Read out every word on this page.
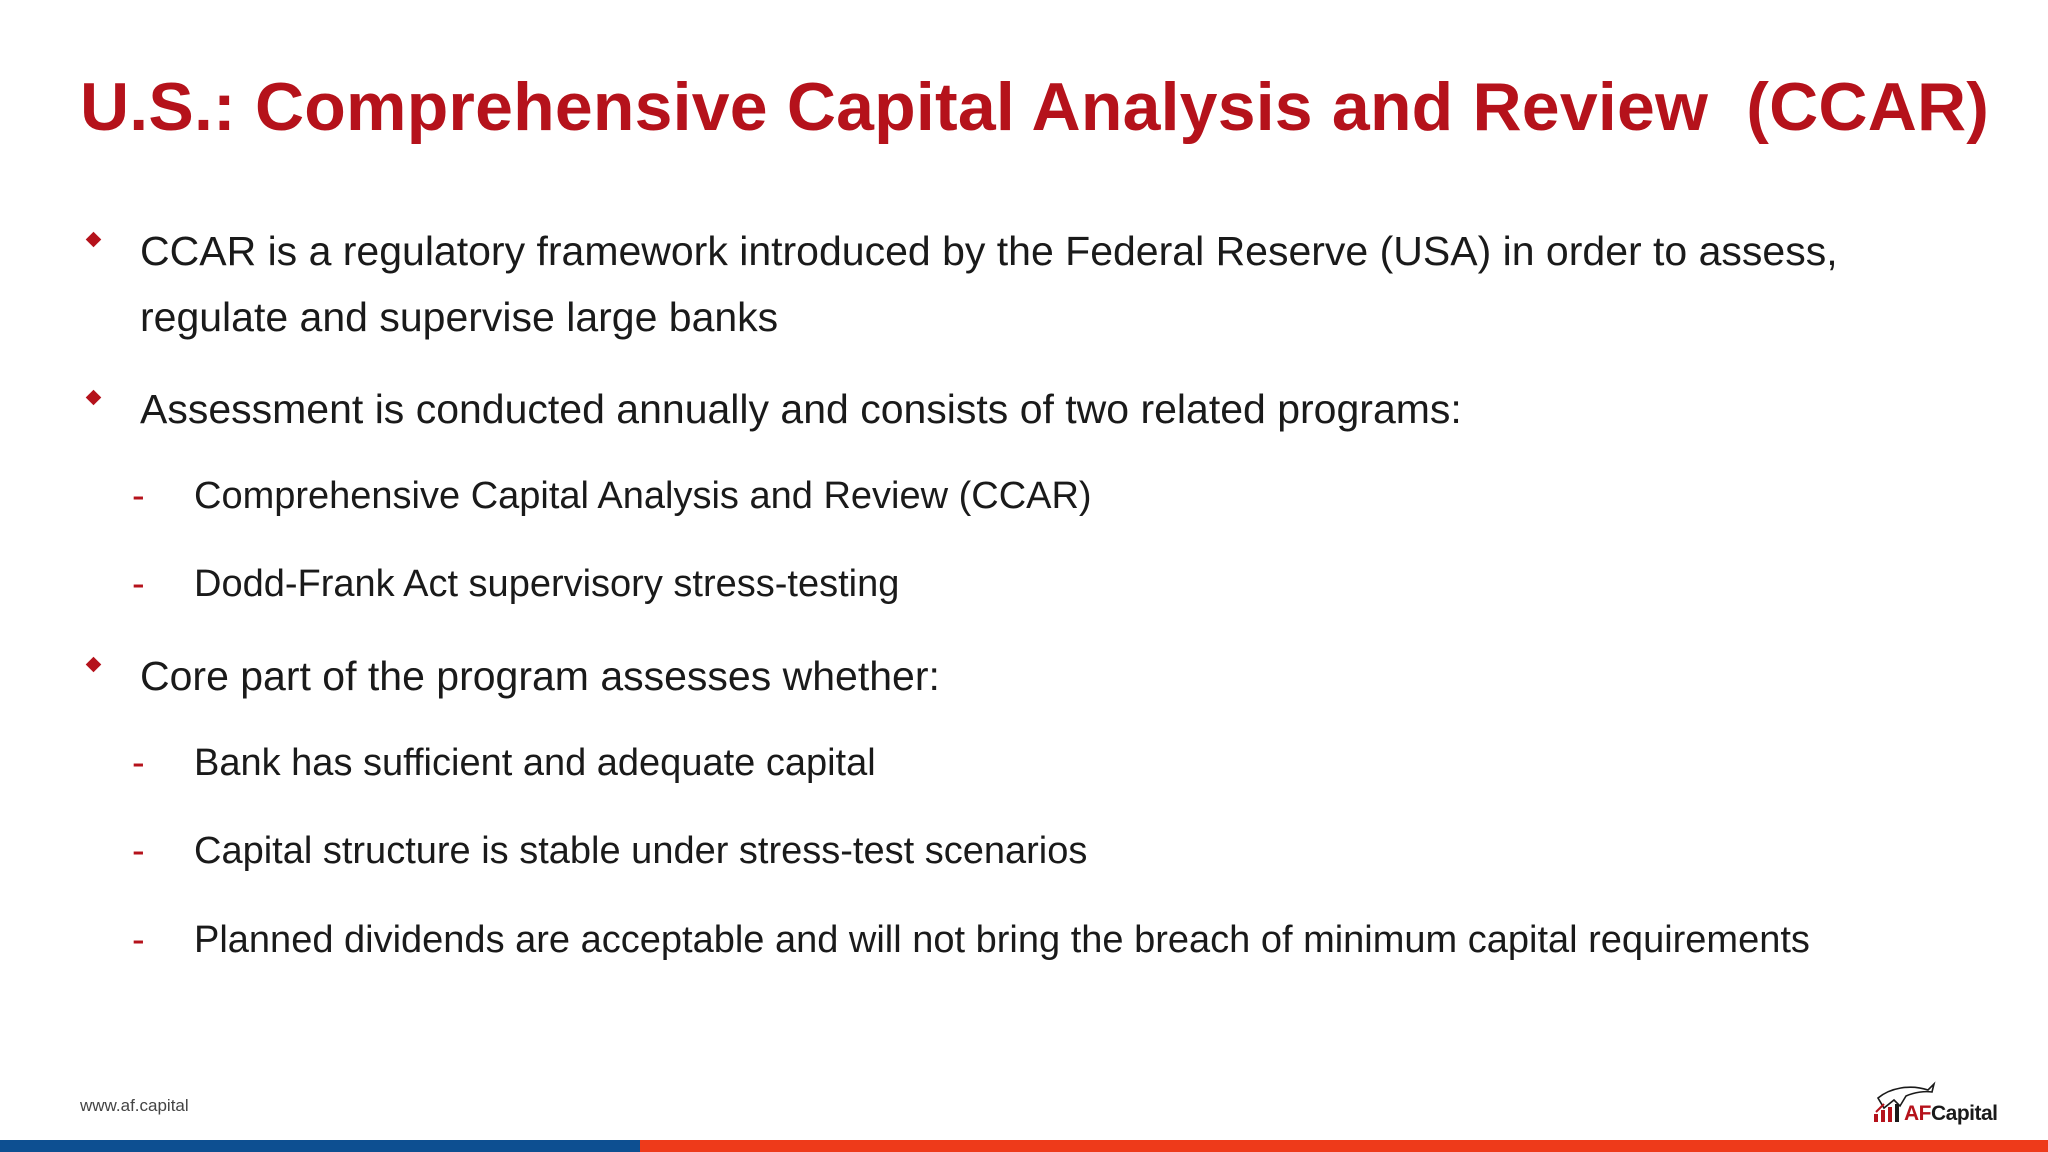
U.S.: Comprehensive Capital Analysis and Review  (CCAR)
CCAR is a regulatory framework introduced by the Federal Reserve (USA) in order to assess, regulate and supervise large banks
Assessment is conducted annually and consists of two related programs:
- Comprehensive Capital Analysis and Review (CCAR)
- Dodd-Frank Act supervisory stress-testing
Core part of the program assesses whether:
- Bank has sufficient and adequate capital
- Capital structure is stable under stress-test scenarios
- Planned dividends are acceptable and will not bring the breach of minimum capital requirements
www.af.capital	AFCapital
